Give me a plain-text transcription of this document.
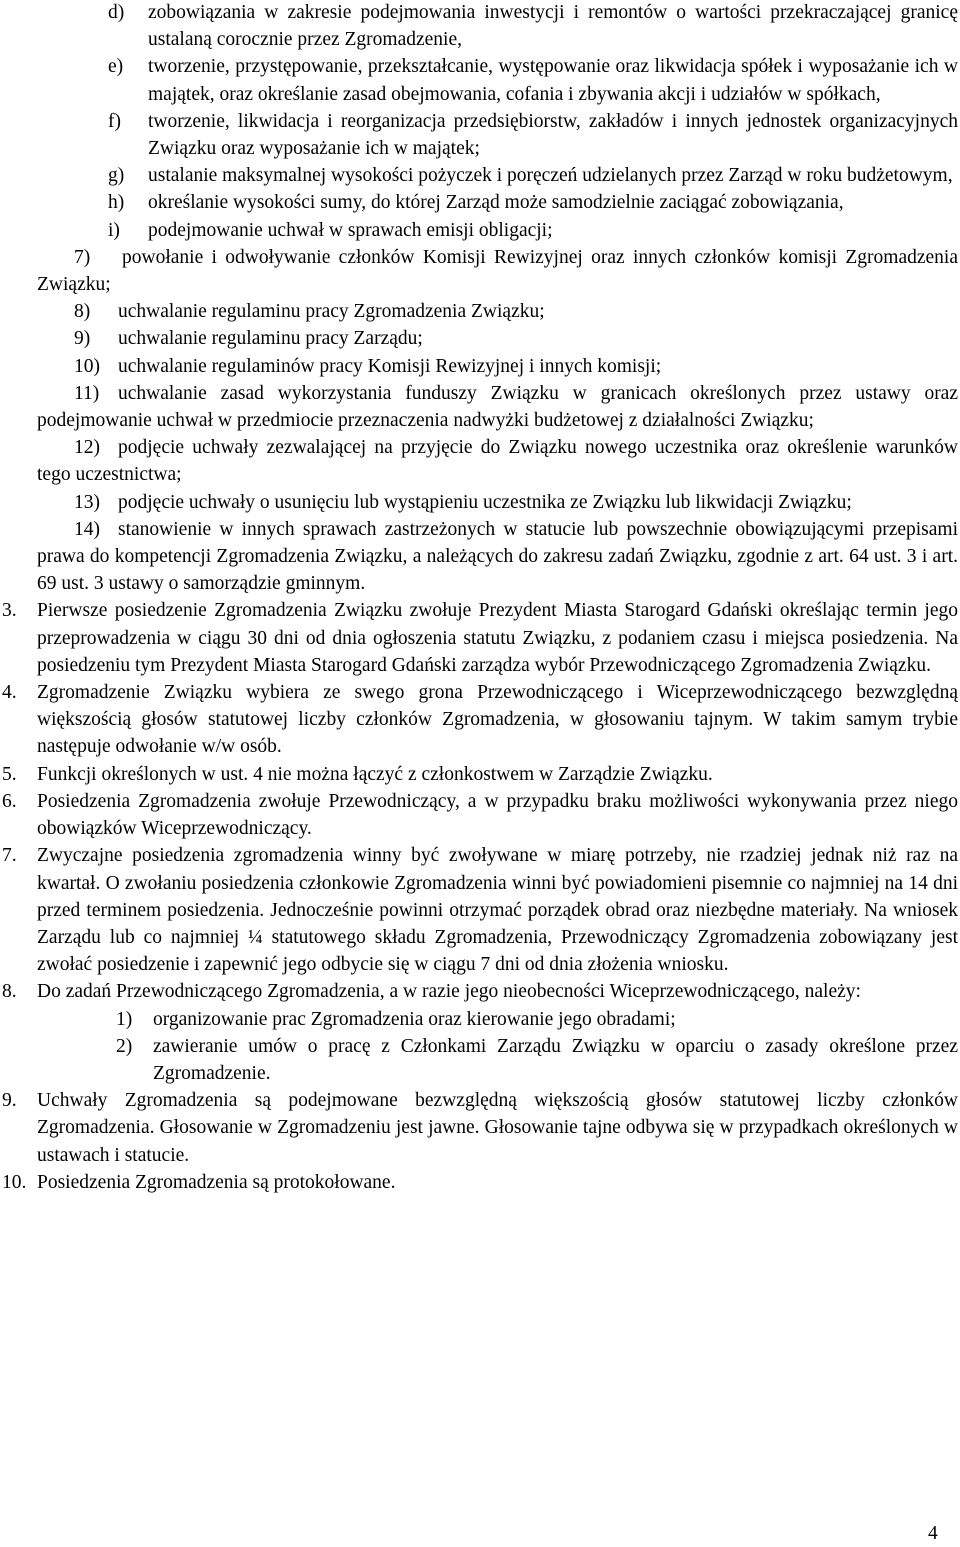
d) zobowiązania w zakresie podejmowania inwestycji i remontów o wartości przekraczającej granicę ustalaną corocznie przez Zgromadzenie,
e) tworzenie, przystępowanie, przekształcanie, występowanie oraz likwidacja spółek i wyposażanie ich w majątek, oraz określanie zasad obejmowania, cofania i zbywania akcji i udziałów w spółkach,
f) tworzenie, likwidacja i reorganizacja przedsiębiorstw, zakładów i innych jednostek organizacyjnych Związku oraz wyposażanie ich w majątek;
g) ustalanie maksymalnej wysokości pożyczek i poręczeń udzielanych przez Zarząd w roku budżetowym,
h) określanie wysokości sumy, do której Zarząd może samodzielnie zaciągać zobowiązania,
i) podejmowanie uchwał w sprawach emisji obligacji;
7)	powołanie i odwoływanie członków Komisji Rewizyjnej oraz innych członków komisji Zgromadzenia Związku;
8)	uchwalanie regulaminu pracy Zgromadzenia Związku;
9)	uchwalanie regulaminu pracy Zarządu;
10) uchwalanie regulaminów pracy Komisji Rewizyjnej i innych komisji;
11) uchwalanie zasad wykorzystania funduszy Związku w granicach określonych przez ustawy oraz podejmowanie uchwał w przedmiocie przeznaczenia nadwyżki budżetowej z działalności Związku;
12) podjęcie uchwały zezwalającej na przyjęcie do Związku nowego uczestnika oraz określenie warunków tego uczestnictwa;
13) podjęcie uchwały o usunięciu lub wystąpieniu uczestnika ze Związku lub likwidacji Związku;
14) stanowienie w innych sprawach zastrzeżonych w statucie lub powszechnie obowiązującymi przepisami prawa do kompetencji Zgromadzenia Związku, a należących do zakresu zadań Związku, zgodnie z art. 64 ust. 3 i art. 69 ust. 3 ustawy o samorządzie gminnym.
3. Pierwsze posiedzenie Zgromadzenia Związku zwołuje Prezydent Miasta Starogard Gdański określając termin jego przeprowadzenia w ciągu 30 dni od dnia ogłoszenia statutu Związku, z podaniem czasu i miejsca posiedzenia. Na posiedzeniu tym Prezydent Miasta Starogard Gdański zarządza wybór Przewodniczącego Zgromadzenia Związku.
4. Zgromadzenie Związku wybiera ze swego grona Przewodniczącego i Wiceprzewodniczącego bezwzględną większością głosów statutowej liczby członków Zgromadzenia, w głosowaniu tajnym. W takim samym trybie następuje odwołanie w/w osób.
5. Funkcji określonych w ust. 4 nie można łączyć z członkostwem w Zarządzie Związku.
6. Posiedzenia Zgromadzenia zwołuje Przewodniczący, a w przypadku braku możliwości wykonywania przez niego obowiązków Wiceprzewodniczący.
7. Zwyczajne posiedzenia zgromadzenia winny być zwoływane w miarę potrzeby, nie rzadziej jednak niż raz na kwartał. O zwołaniu posiedzenia członkowie Zgromadzenia winni być powiadomieni pisemnie co najmniej na 14 dni przed terminem posiedzenia. Jednocześnie powinni otrzymać porządek obrad oraz niezbędne materiały. Na wniosek Zarządu lub co najmniej ¼ statutowego składu Zgromadzenia, Przewodniczący Zgromadzenia zobowiązany jest zwołać posiedzenie i zapewnić jego odbycie się w ciągu 7 dni od dnia złożenia wniosku.
8. Do zadań Przewodniczącego Zgromadzenia, a w razie jego nieobecności Wiceprzewodniczącego, należy:
1) organizowanie prac Zgromadzenia oraz kierowanie jego obradami;
2) zawieranie umów o pracę z Członkami Zarządu Związku w oparciu o zasady określone przez Zgromadzenie.
9. Uchwały Zgromadzenia są podejmowane bezwzględną większością głosów statutowej liczby członków Zgromadzenia. Głosowanie w Zgromadzeniu jest jawne. Głosowanie tajne odbywa się w przypadkach określonych w ustawach i statucie.
10. Posiedzenia Zgromadzenia są protokołowane.
4
